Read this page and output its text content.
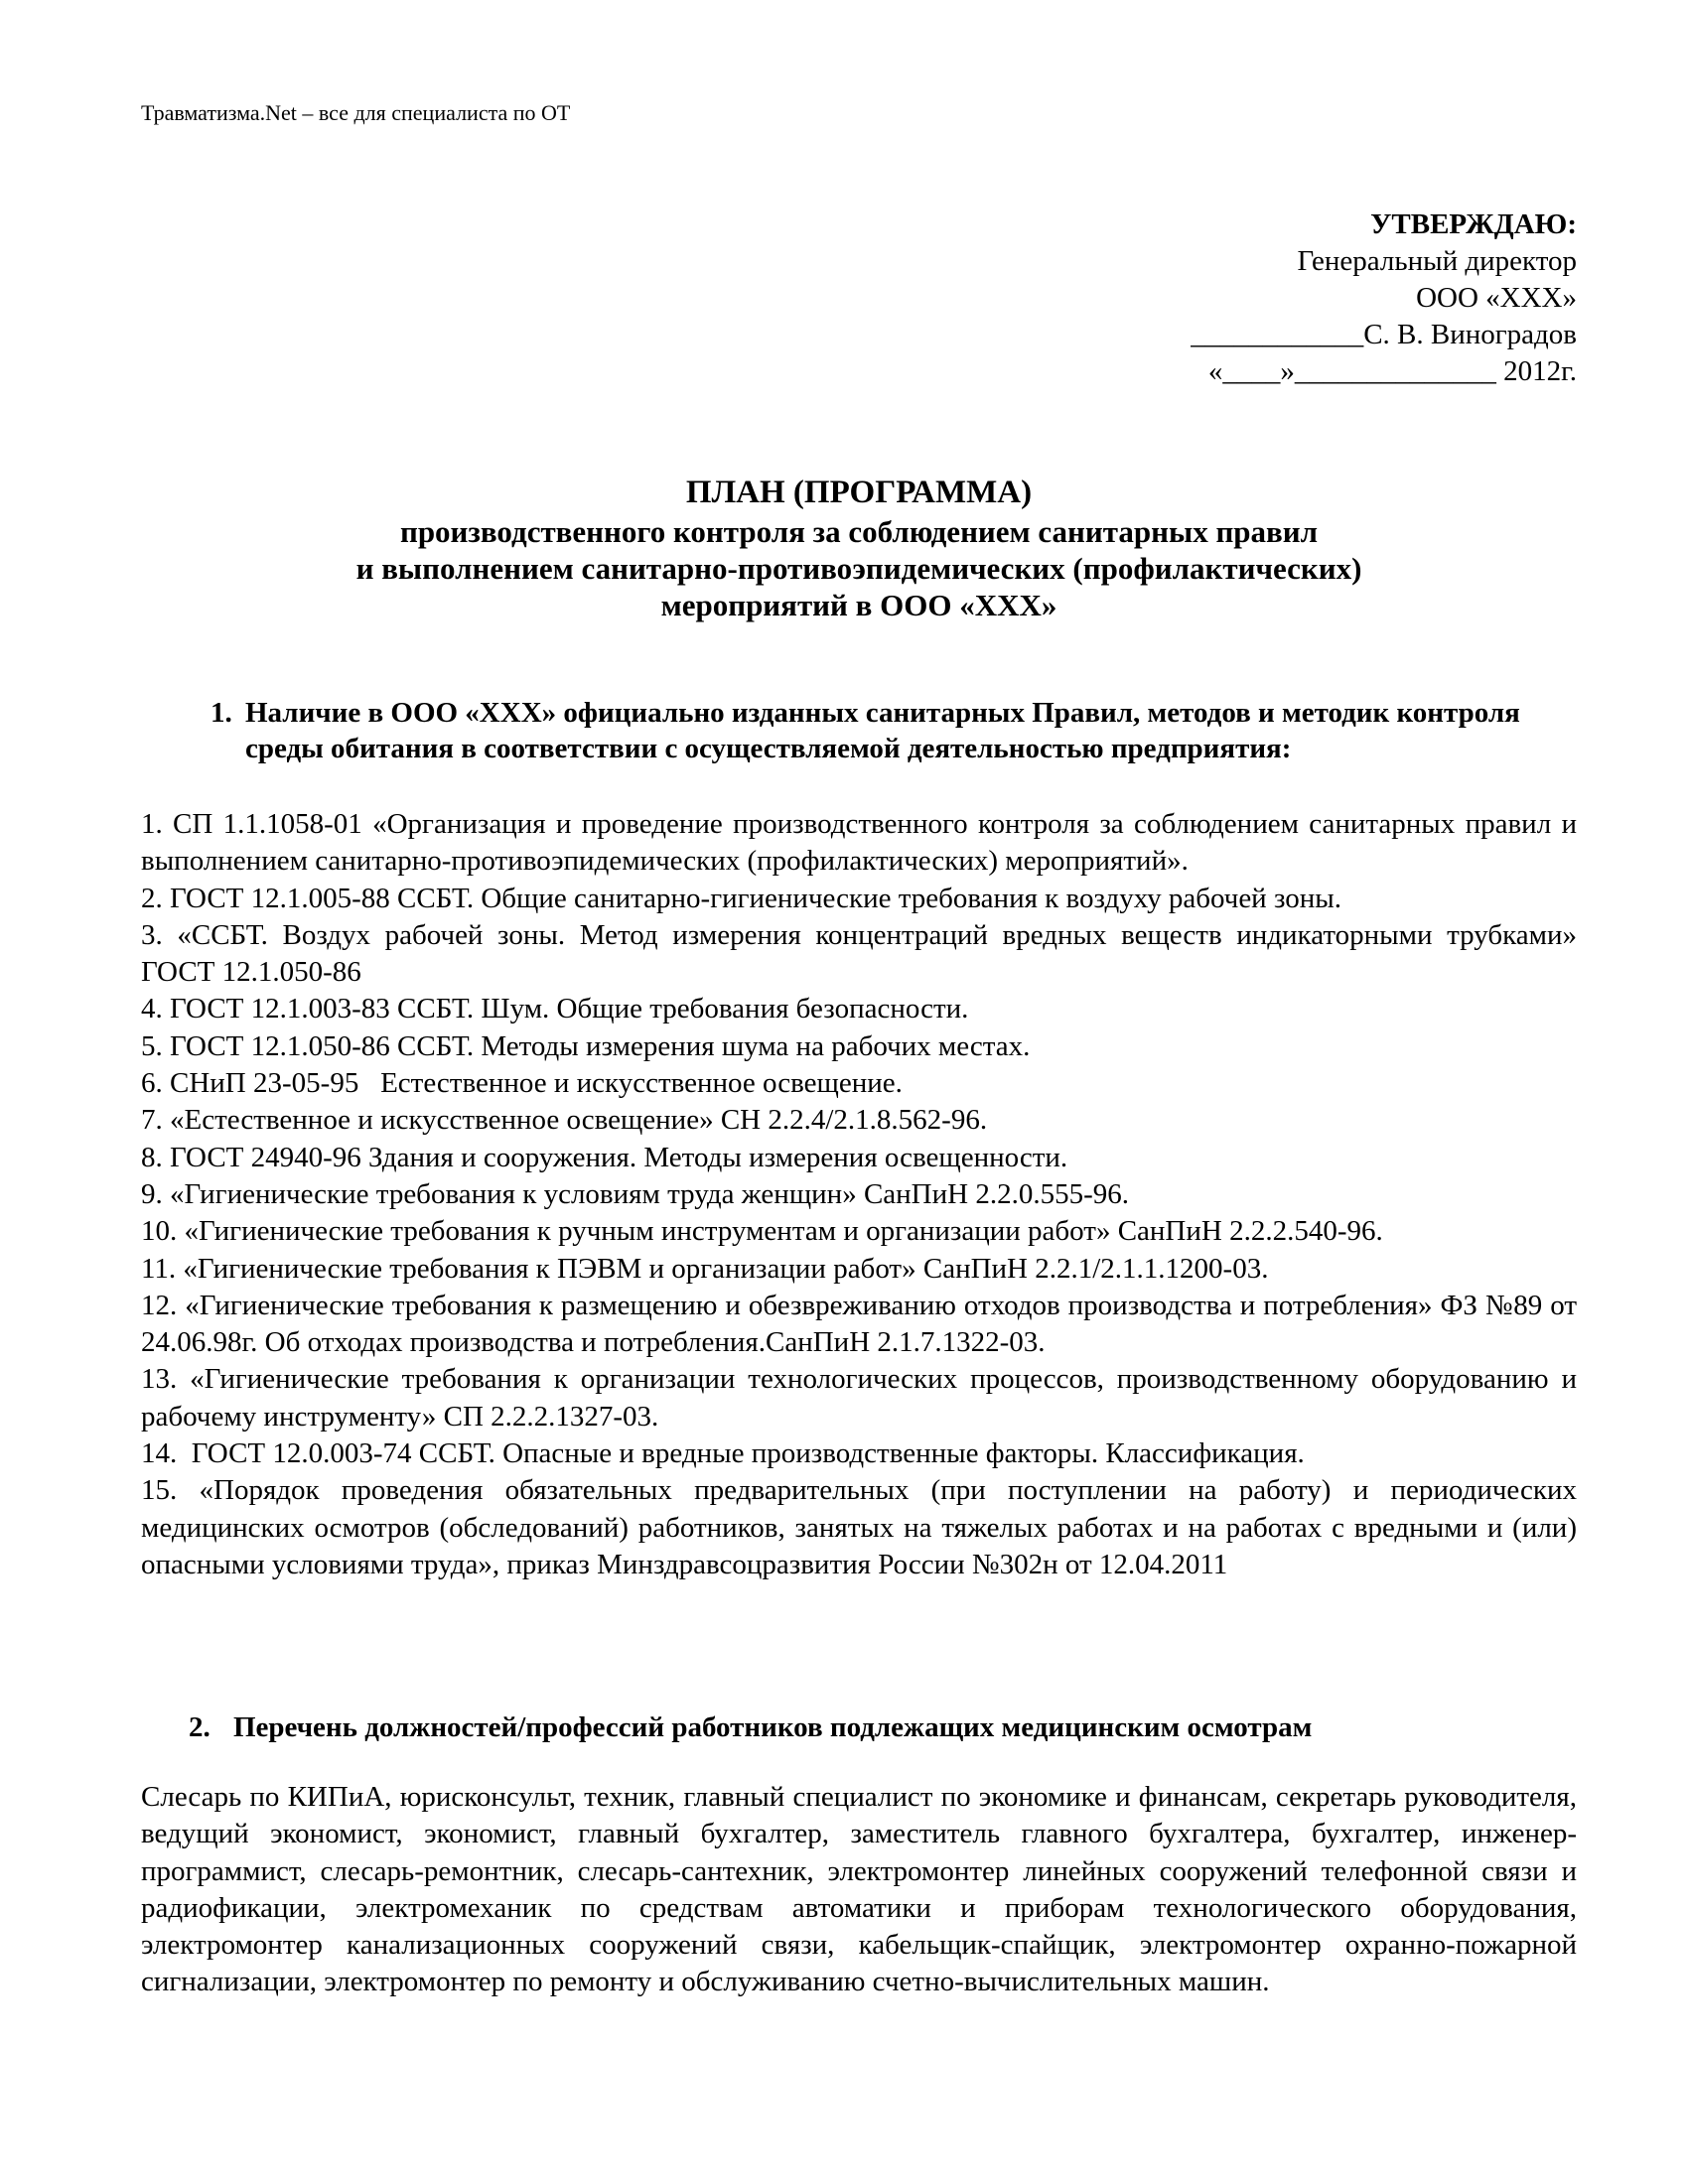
Травматизма.Net – все для специалиста по ОТ
УТВЕРЖДАЮ:
Генеральный директор
ООО «ХХХ»
____________С. В. Виноградов
«____»______________ 2012г.
ПЛАН (ПРОГРАММА)
производственного контроля за соблюдением санитарных правил
и выполнением санитарно-противоэпидемических (профилактических)
мероприятий в ООО «ХХХ»
1. Наличие в ООО «ХХХ» официально изданных санитарных Правил, методов и методик контроля среды обитания в соответствии с осуществляемой деятельностью предприятия:
1. СП 1.1.1058-01 «Организация и проведение производственного контроля за соблюдением санитарных правил и выполнением санитарно-противоэпидемических (профилактических) мероприятий».
2. ГОСТ 12.1.005-88 ССБТ. Общие санитарно-гигиенические требования к воздуху рабочей зоны.
3. «ССБТ. Воздух рабочей зоны. Метод измерения концентраций вредных веществ индикаторными трубками» ГОСТ 12.1.050-86
4. ГОСТ 12.1.003-83 ССБТ. Шум. Общие требования безопасности.
5. ГОСТ 12.1.050-86 ССБТ. Методы измерения шума на рабочих местах.
6. СНиП 23-05-95   Естественное и искусственное освещение.
7. «Естественное и искусственное освещение» СН 2.2.4/2.1.8.562-96.
8. ГОСТ 24940-96 Здания и сооружения. Методы измерения освещенности.
9. «Гигиенические требования к условиям труда женщин» СанПиН 2.2.0.555-96.
10. «Гигиенические требования к ручным инструментам и организации работ» СанПиН 2.2.2.540-96.
11. «Гигиенические требования к ПЭВМ и организации работ» СанПиН 2.2.1/2.1.1.1200-03.
12. «Гигиенические требования к размещению и обезвреживанию отходов производства и потребления» ФЗ №89 от 24.06.98г. Об отходах производства и потребления.СанПиН 2.1.7.1322-03.
13. «Гигиенические требования к организации технологических процессов, производственному оборудованию и рабочему инструменту» СП 2.2.2.1327-03.
14.  ГОСТ 12.0.003-74 ССБТ. Опасные и вредные производственные факторы. Классификация.
15. «Порядок проведения обязательных предварительных (при поступлении на работу) и периодических медицинских осмотров (обследований) работников, занятых на тяжелых работах и на работах с вредными и (или) опасными условиями труда», приказ Минздравсоцразвития России №302н от 12.04.2011
2. Перечень должностей/профессий работников подлежащих медицинским осмотрам
Слесарь по КИПиА, юрисконсульт, техник, главный специалист по экономике и финансам, секретарь руководителя, ведущий экономист, экономист, главный бухгалтер, заместитель главного бухгалтера, бухгалтер, инженер-программист, слесарь-ремонтник, слесарь-сантехник, электромонтер линейных сооружений телефонной связи и радиофикации, электромеханик по средствам автоматики и приборам технологического оборудования, электромонтер канализационных сооружений связи, кабельщик-спайщик, электромонтер охранно-пожарной сигнализации, электромонтер по ремонту и обслуживанию счетно-вычислительных машин.
